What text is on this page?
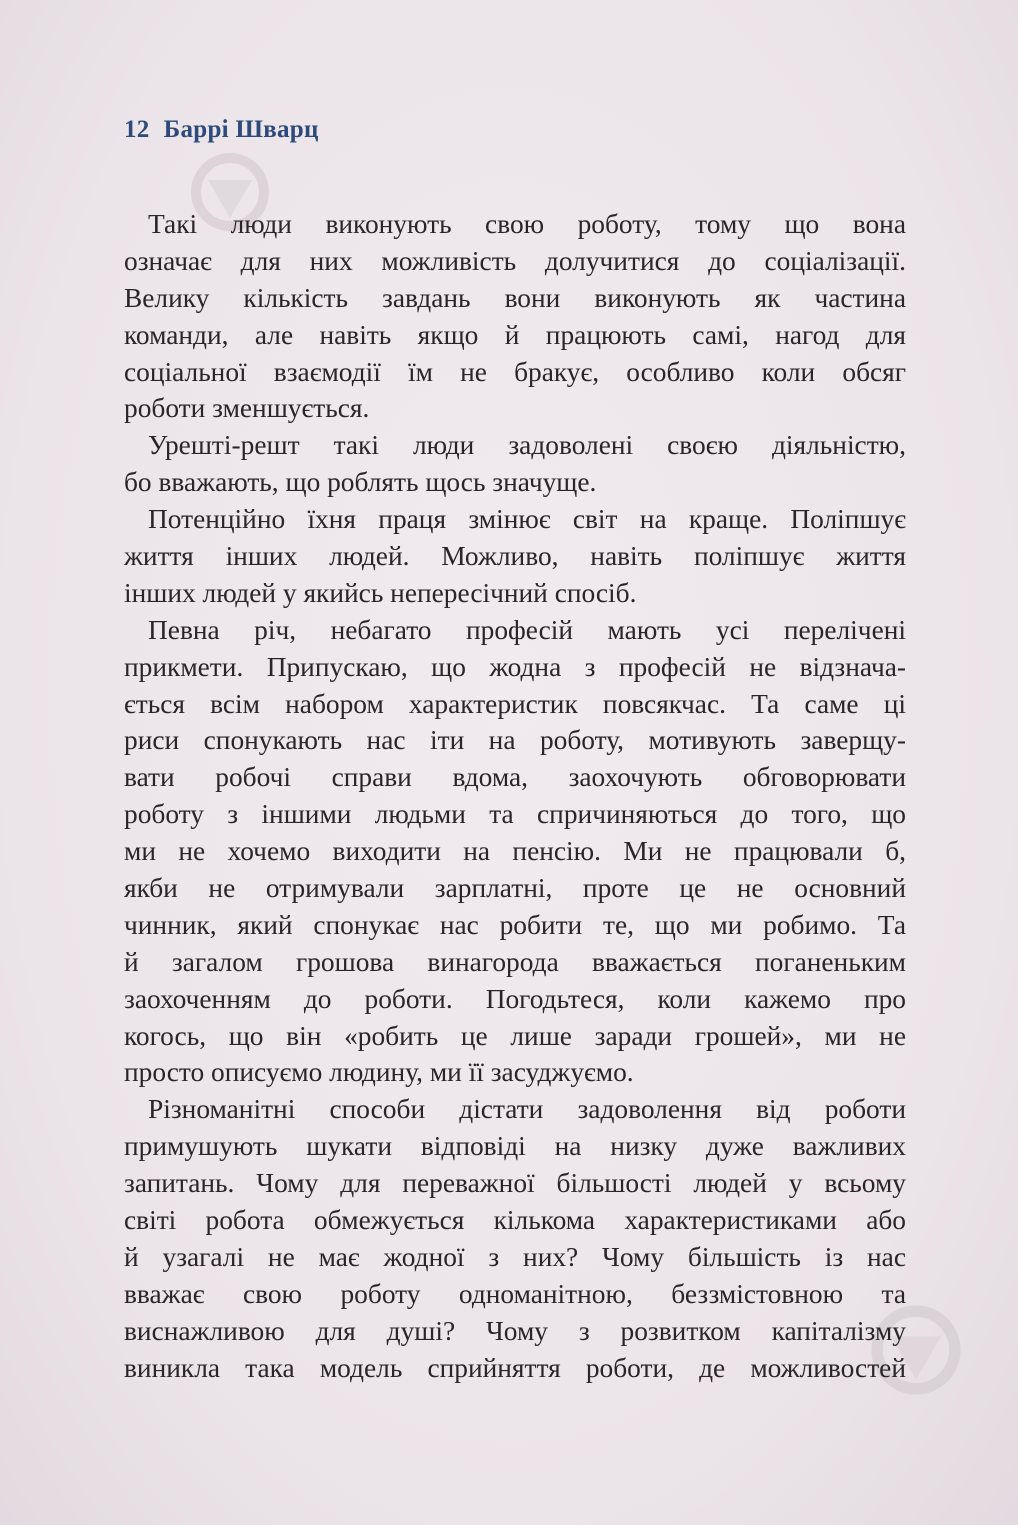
12 Баррі Шварц
Такі люди виконують свою роботу, тому що вона
означає для них можливість долучитися до соціалізації.
Велику кількість завдань вони виконують як частина
команди, але навіть якщо й працюють самі, нагод для
соціальної взаємодії їм не бракує, особливо коли обсяг
роботи зменшується.
Урешті-решт такі люди задоволені своєю діяльністю,
бо вважають, що роблять щось значуще.
Потенційно їхня праця змінює світ на краще. Поліпшує
життя інших людей. Можливо, навіть поліпшує життя
інших людей у якийсь непересічний спосіб.
Певна річ, небагато професій мають усі перелічені
прикмети. Припускаю, що жодна з професій не відзнача-
ється всім набором характеристик повсякчас. Та саме ці
риси спонукають нас іти на роботу, мотивують заверщу-
вати робочі справи вдома, заохочують обговорювати
роботу з іншими людьми та спричиняються до того, що
ми не хочемо виходити на пенсію. Ми не працювали б,
якби не отримували зарплатні, проте це не основний
чинник, який спонукає нас робити те, що ми робимо. Та
й загалом грошова винагорода вважається поганеньким
заохоченням до роботи. Погодьтеся, коли кажемо про
когось, що він «робить це лише заради грошей», ми не
просто описуємо людину, ми її засуджуємо.
Різноманітні способи дістати задоволення від роботи
примушують шукати відповіді на низку дуже важливих
запитань. Чому для переважної більшості людей у всьому
світі робота обмежується кількома характеристиками або
й узагалі не має жодної з них? Чому більшість із нас
вважає свою роботу одноманітною, беззмістовною та
виснажливою для душі? Чому з розвитком капіталізму
виникла така модель сприйняття роботи, де можливостей
